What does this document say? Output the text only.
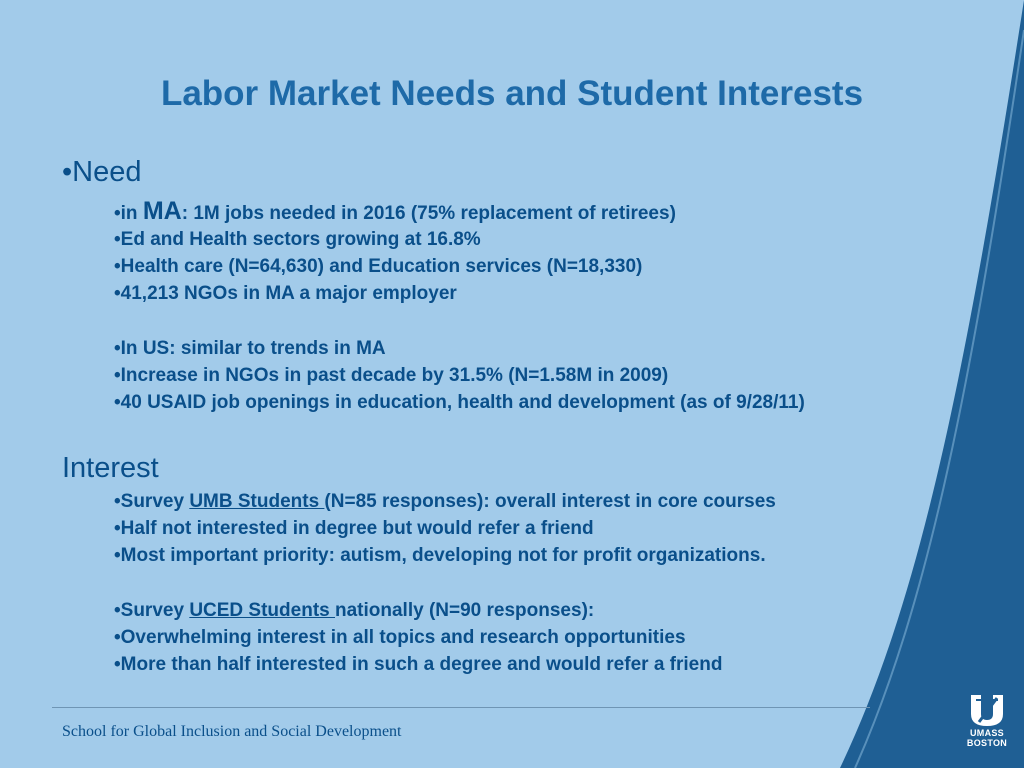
Labor Market Needs and Student Interests
•Need
•in MA: 1M jobs needed in 2016 (75% replacement of retirees)
•Ed and Health sectors growing at 16.8%
•Health care (N=64,630) and Education services (N=18,330)
•41,213 NGOs in MA a major employer
•In US: similar to trends in MA
•Increase in NGOs in past decade by 31.5% (N=1.58M in 2009)
•40 USAID job openings in education, health and development (as of 9/28/11)
Interest
•Survey UMB Students (N=85 responses): overall interest in core courses
•Half not interested in degree but would refer a friend
•Most important priority: autism, developing not for profit organizations.
•Survey UCED Students nationally (N=90 responses):
•Overwhelming interest in all topics and research opportunities
•More than half interested in such a degree and would refer a friend
School for Global Inclusion and Social Development	UMASS
BOSTON
